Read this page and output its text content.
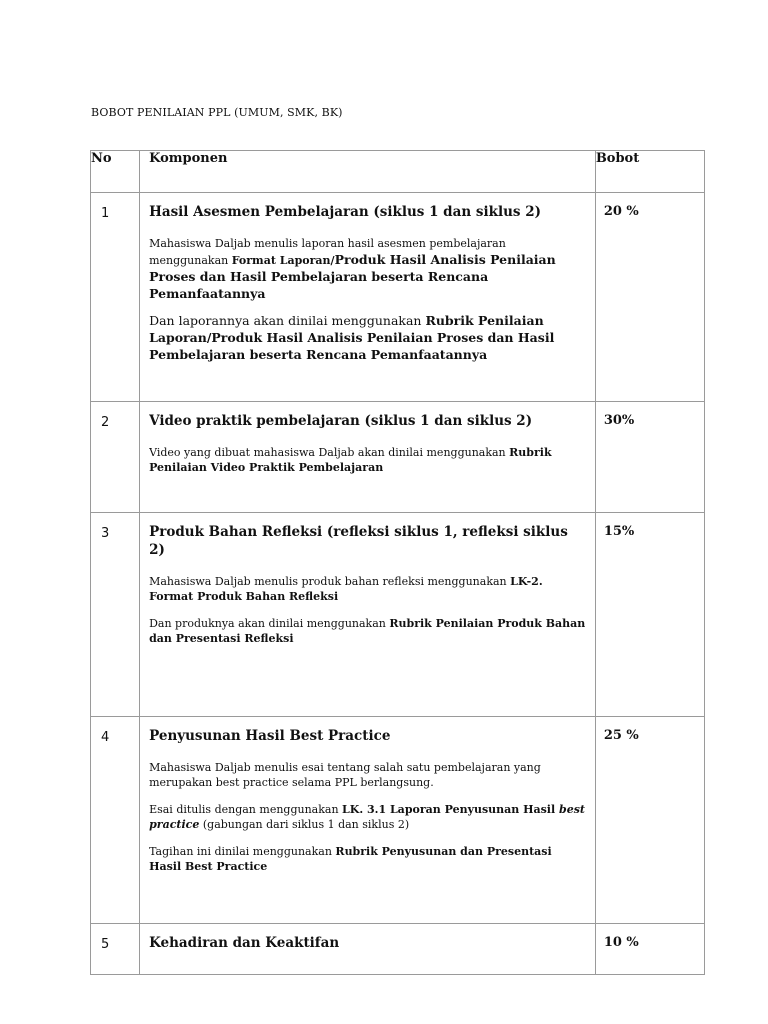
BOBOT PENILAIAN PPL (UMUM, SMK, BK)
No	Komponen	Bobot
1	Hasil Asesmen Pembelajaran (siklus 1 dan siklus 2)

Mahasiswa Daljab menulis laporan hasil asesmen pembelajaran menggunakan Format Laporan/Produk Hasil Analisis Penilaian Proses dan Hasil Pembelajaran beserta Rencana Pemanfaatannya

Dan laporannya akan dinilai menggunakan Rubrik Penilaian Laporan/Produk Hasil Analisis Penilaian Proses dan Hasil Pembelajaran beserta Rencana Pemanfaatannya	20 %
2	Video praktik pembelajaran (siklus 1 dan siklus 2)

Video yang dibuat mahasiswa Daljab akan dinilai menggunakan Rubrik Penilaian Video Praktik Pembelajaran	30%
3	Produk Bahan Refleksi (refleksi siklus 1, refleksi siklus 2)

Mahasiswa Daljab menulis produk bahan refleksi menggunakan LK-2. Format Produk Bahan Refleksi

Dan produknya akan dinilai menggunakan Rubrik Penilaian Produk Bahan dan Presentasi Refleksi	15%
4	Penyusunan Hasil Best Practice

Mahasiswa Daljab menulis esai tentang salah satu pembelajaran yang merupakan best practice selama PPL berlangsung.

Esai ditulis dengan menggunakan LK. 3.1 Laporan Penyusunan Hasil best practice (gabungan dari siklus 1 dan siklus 2)

Tagihan ini dinilai menggunakan Rubrik Penyusunan dan Presentasi Hasil Best Practice	25 %
5	Kehadiran dan Keaktifan	10 %
